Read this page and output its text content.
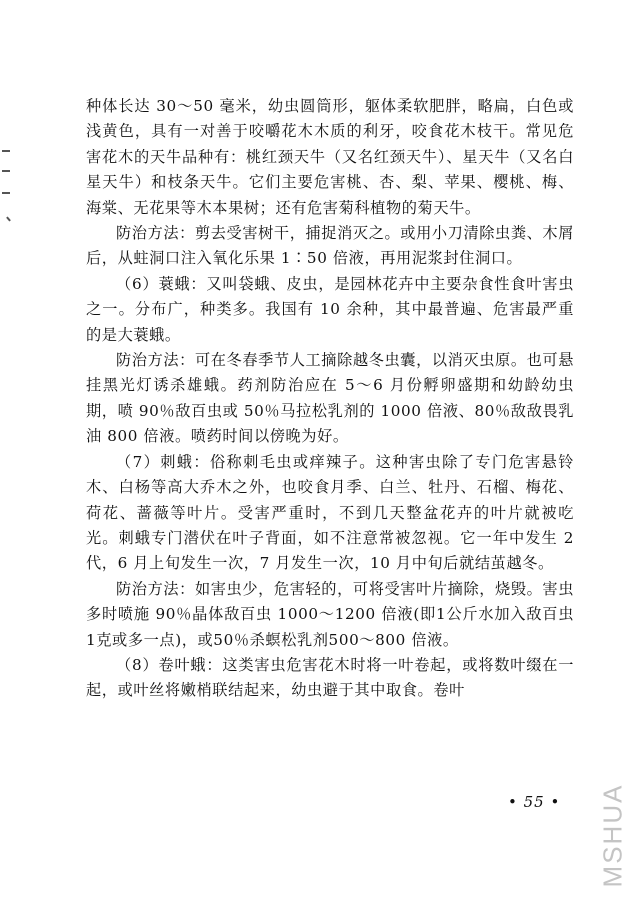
种体长达 30～50 毫米，幼虫圆筒形，躯体柔软肥胖，略扁，白色或浅黄色，具有一对善于咬嚼花木木质的利牙，咬食花木枝干。常见危害花木的天牛品种有：桃红颈天牛（又名红颈天牛）、星天牛（又名白星天牛）和枝条天牛。它们主要危害桃、杏、梨、苹果、樱桃、梅、海棠、无花果等木本果树；还有危害菊科植物的菊天牛。

防治方法：剪去受害树干，捕捉消灭之。或用小刀清除虫粪、木屑后，从蛀洞口注入氧化乐果 1∶50 倍液，再用泥浆封住洞口。

（6）蓑蛾：又叫袋蛾、皮虫，是园林花卉中主要杂食性食叶害虫之一。分布广，种类多。我国有 10 余种，其中最普遍、危害最严重的是大蓑蛾。

防治方法：可在冬春季节人工摘除越冬虫囊，以消灭虫原。也可悬挂黑光灯诱杀雄蛾。药剂防治应在 5～6 月份孵卵盛期和幼龄幼虫期，喷 90％敌百虫或 50％马拉松乳剂的 1000 倍液、80％敌敌畏乳油 800 倍液。喷药时间以傍晚为好。

（7）刺蛾：俗称刺毛虫或痒辣子。这种害虫除了专门危害悬铃木、白杨等高大乔木之外，也咬食月季、白兰、牡丹、石榴、梅花、荷花、蔷薇等叶片。受害严重时，不到几天整盆花卉的叶片就被吃光。刺蛾专门潜伏在叶子背面，如不注意常被忽视。它一年中发生 2 代，6 月上旬发生一次，7 月发生一次，10 月中旬后就结茧越冬。

防治方法：如害虫少，危害轻的，可将受害叶片摘除，烧毁。害虫多时喷施 90％晶体敌百虫 1000～1200 倍液(即1公斤水加入敌百虫1克或多一点)，或50％杀螟松乳剂500～800 倍液。

（8）卷叶蛾：这类害虫危害花木时将一叶卷起，或将数叶缀在一起，或叶丝将嫩梢联结起来，幼虫避于其中取食。卷叶

• 55 • MSHUA
